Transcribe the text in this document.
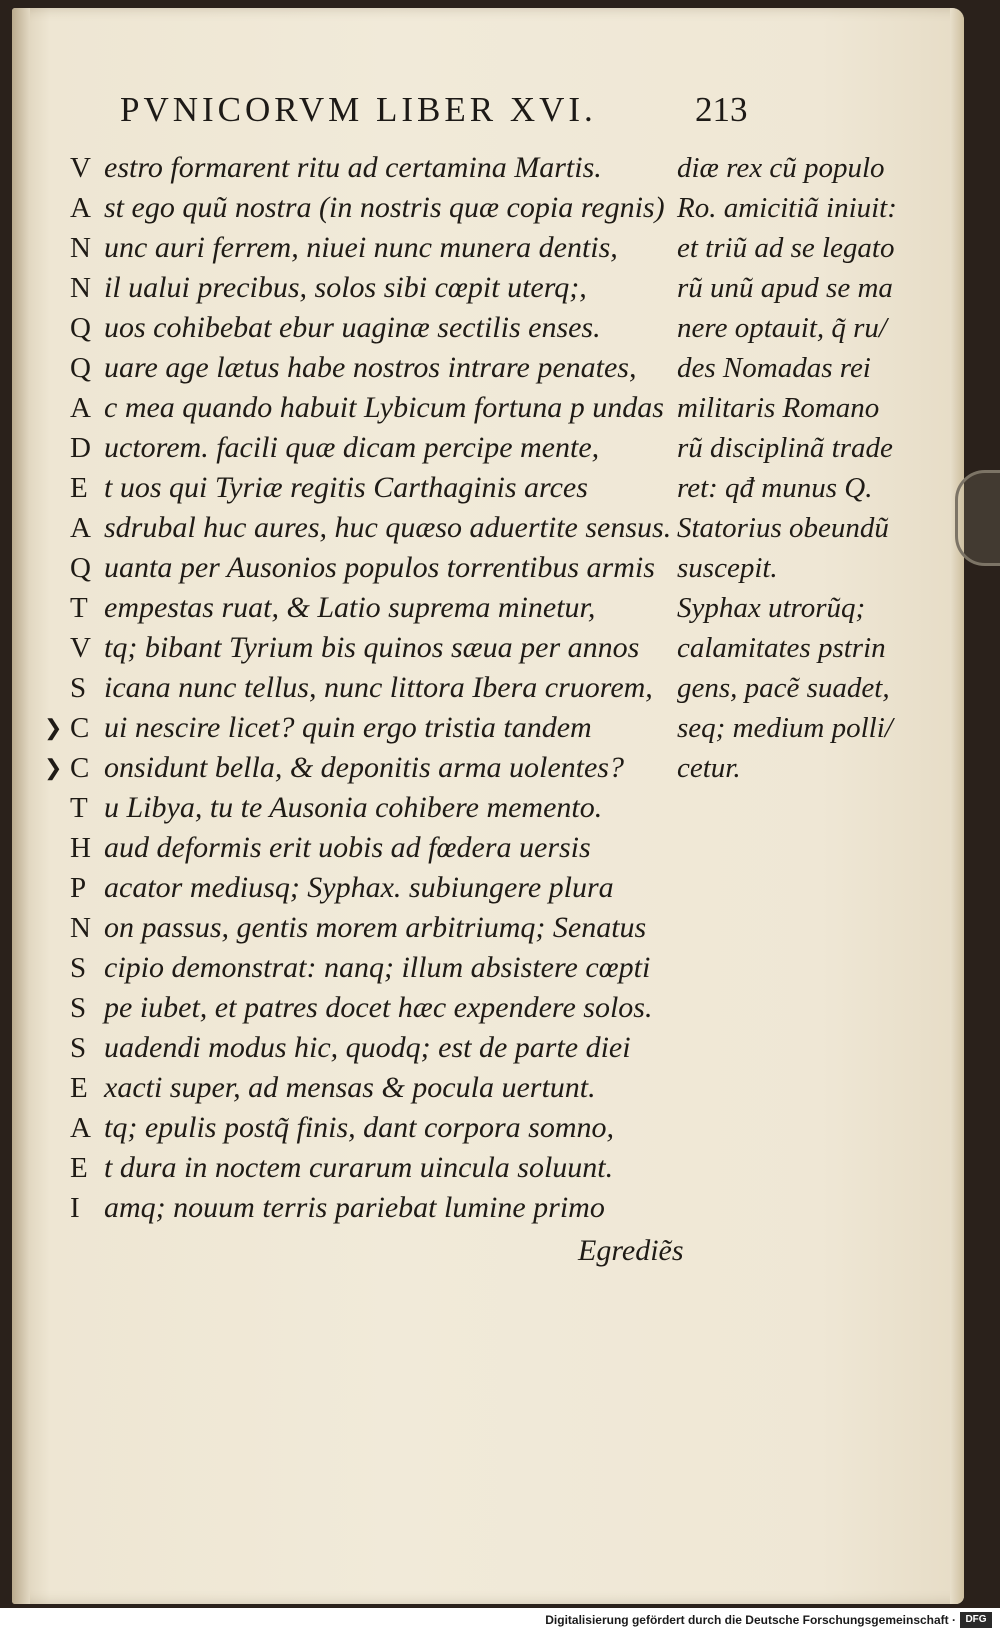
PVNICORVM LIBER XVI.	213
V estro formarent ritu ad certamina Martis.
A st ego quũ nostra (in nostris quæ copia regnis)
N unc auri ferrem, niuei nunc munera dentis,
N il ualui precibus, solos sibi cœpit uterq;,
Q uos cohibebat ebur uaginæ sectilis enses.
Q uare age lætus habe nostros intrare penates,
A c mea quando habuit Lybicum fortuna p undas
D uctorem. facili quæ dicam percipe mente,
E t uos qui Tyriæ regitis Carthaginis arces
A sdrubal huc aures, huc quæso aduertite sensus.
Q uanta per Ausonios populos torrentibus armis
T empestas ruat, & Latio suprema minetur,
V tq; bibant Tyrium bis quinos sæua per annos
S icana nunc tellus, nunc littora Ibera cruorem,
❯ C ui nescire licet? quin ergo tristia tandem
❯ C onsidunt bella, & deponitis arma uolentes?
T u Libya, tu te Ausonia cohibere memento.
H aud deformis erit uobis ad fœdera uersis
P acator mediusq; Syphax. subiungere plura
N on passus, gentis morem arbitriumq; Senatus
S cipio demonstrat: nanq; illum absistere cœpti
S pe iubet, et patres docet hæc expendere solos.
S uadendi modus hic, quodq; est de parte diei
E xacti super, ad mensas & pocula uertunt.
A tq; epulis postq̃ finis, dant corpora somno,
E t dura in noctem curarum uincula soluunt.
I amq; nouum terris pariebat lumine primo
Egrediẽs
diæ rex cũ populo
Ro. amicitiã iniuit:
et triũ ad se legato
rũ unũ apud se ma
nere optauit, q̃ ru/
des Nomadas rei
militaris Romano
rũ disciplinã trade
ret: qđ munus Q.
Statorius obeundũ
suscepit.
Syphax utrorũq;
calamitates pstrin
gens, pacẽ suadet,
seq; medium polli/
cetur.
Digitalisierung gefördert durch die Deutsche Forschungsgemeinschaft · DFG
